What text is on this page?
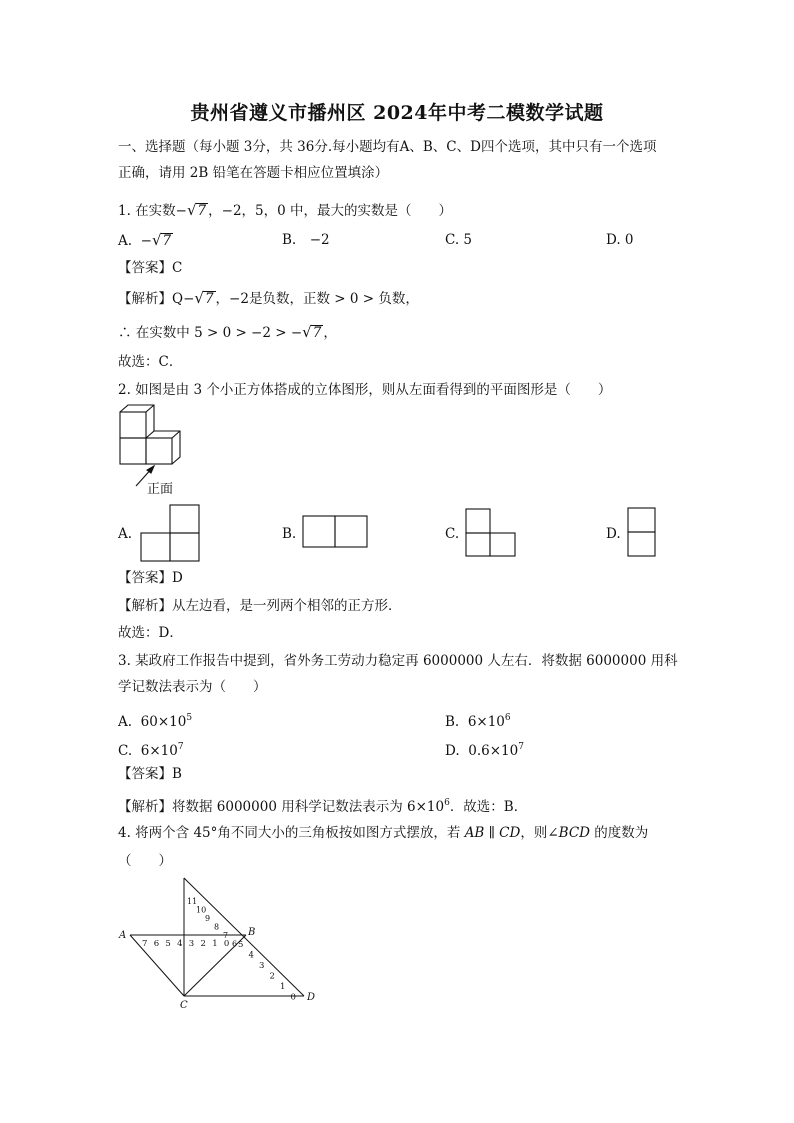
贵州省遵义市播州区 2024年中考二模数学试题
一、选择题（每小题 3分，共 36分.每小题均有A、B、C、D四个选项，其中只有一个选项
正确，请用 2B 铅笔在答题卡相应位置填涂）
1. 在实数−√7 ，−2，5，0 中，最大的实数是（　　）
A. −√7	B.　−2	C. 5	D. 0
【答案】C
【解析】Q−√7 ，−2是负数，正数 > 0 > 负数，
∴ 在实数中 5 > 0 > −2 > −√7 ，
故选：C．
2. 如图是由 3 个小正方体搭成的立体图形，则从左面看得到的平面图形是（　　）
正面
A.	B.	C.	D.
【答案】D
【解析】从左边看，是一列两个相邻的正方形．
故选：D．
3. 某政府工作报告中提到，省外务工劳动力稳定再 6000000 人左右．将数据 6000000 用科
学记数法表示为（　　）
A. $60\times 10^5$	B. $6\times 10^6$
C. $6\times 10^7$	D. $0.6\times 10^7$
【答案】B
【解析】将数据 6000000 用科学记数法表示为 $6\times 10^6$．故选：B．
4. 将两个含 45°角不同大小的三角板按如图方式摆放，若 AB ∥ CD，则∠BCD 的度数为
（　　）
A	B
C
D
7 6 5 4 3 2 1 0
11
10
9
8
7
6 5
4
3
2
1
0
